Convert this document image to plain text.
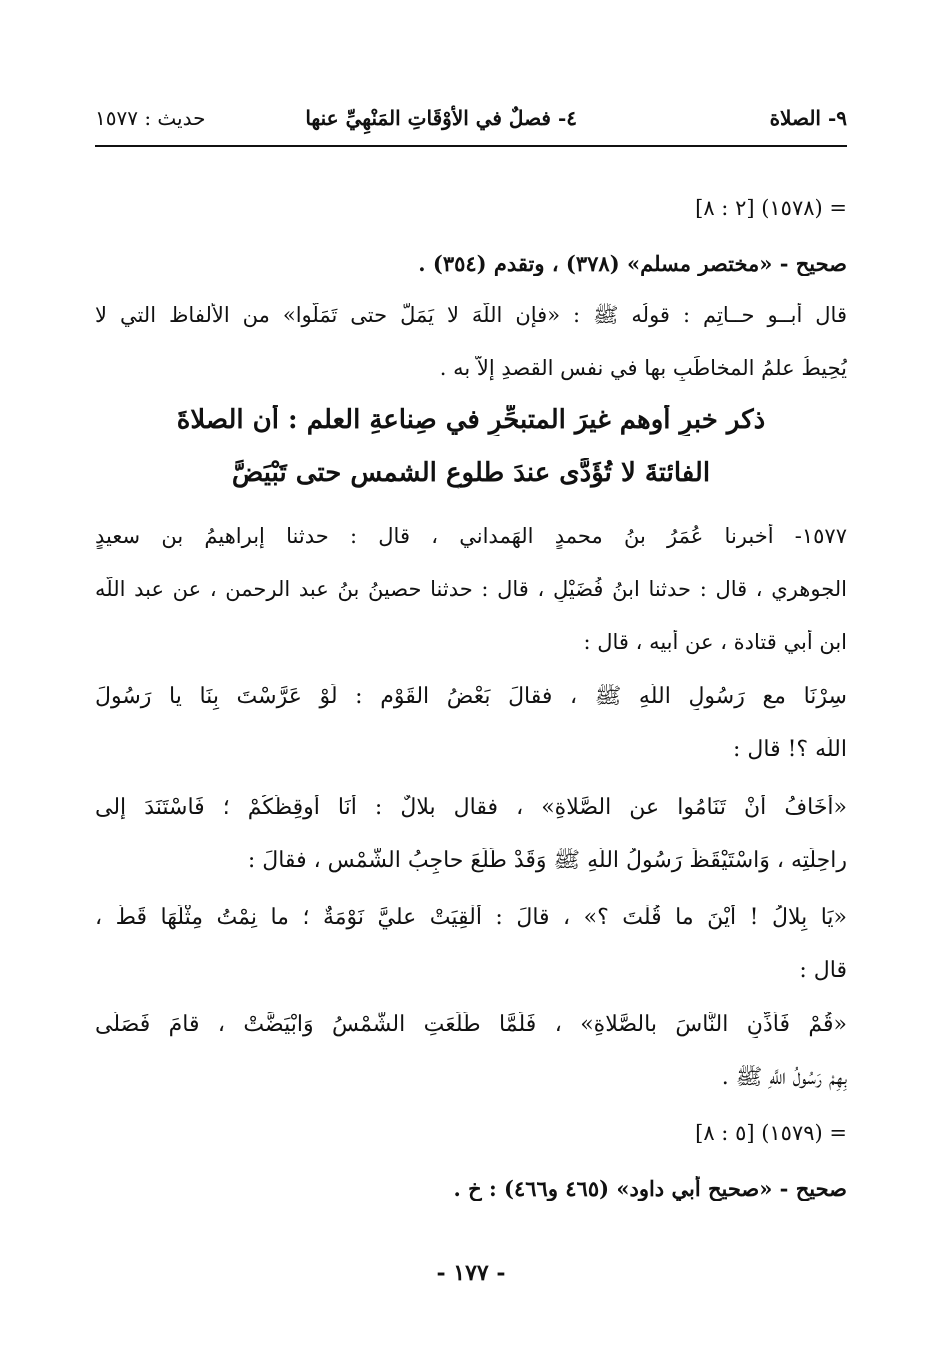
٩- الصلاة
٤- فصلٌ في الأوْقَاتِ المَنْهِيِّ عنها
حديث : ١٥٧٧
= (١٥٧٨) [٢ : ٨]
صحيح - «مختصر مسلم» (٣٧٨) ، وتقدم (٣٥٤) .
قال أبــو حــاتِم : قولُه ﷺ : «فإن اللَّهَ لا يَمَلُّ حتى تَمَلُّوا» من الألفاظ التي لا
يُحِيطُ علمُ المخاطَبِ بها في نفس القصدِ إلاَّ به .
ذكر خبرٍ أوهم غيرَ المتبحِّرِ في صِناعةِ العلم : أن الصلاةَ
الفائتةَ لا تُؤَدَّى عندَ طلوعِ الشمس حتى تَبْيَضَّ
١٥٧٧- أخبرنا عُمَرُ بنُ محمدٍ الهَمداني ، قال : حدثنا إبراهيمُ بن سعيدٍ
الجوهري ، قال : حدثنا ابنُ فُضَيْلٍ ، قال : حدثنا حصينُ بنُ عبد الرحمن ، عن عبد اللَّه
ابنِ أبي قتادة ، عن أبيه ، قال :
سِرْنَا مع رَسُولِ اللَّهِ ﷺ ، فقالَ بَعْضُ القَوْمِ : لَوْ عَرَّسْتَ بِنَا يا رَسُولَ
اللَّه ؟! قال :
«أخَافُ أَنْ تَنَامُوا عن الصَّلاةِ» ، فقال بلالٌ : أَنَا أُوقِظُكُمْ ؛ فَاسْتَنَدَ إلى
راحِلَتِه ، وَاسْتَيْقَظَ رَسُولُ اللَّهِ ﷺ وَقَدْ طَلَعَ حاجِبُ الشَّمْسِ ، فقالَ :
«يَا بِلالُ ! أَيْنَ ما قُلْتَ ؟» ، قالَ : أُلْقِيَتْ عليَّ نَوْمَةٌ ؛ ما نِمْتُ مِثْلَهَا قَطُّ ،
قال :
«قُمْ فَأَذِّنِ النَّاسَ بالصَّلاةِ» ، فَلَمَّا طَلَعَتِ الشَّمْسُ وَابْيَضَّتْ ، قامَ فَصَلَّى
بِهِمْ رَسُولُ اللَّهِ ﷺ .
= (١٥٧٩) [٥ : ٨]
صحيح - «صحيح أبي داود» (٤٦٥ و٤٦٦) : خ .
- ١٧٧ -
